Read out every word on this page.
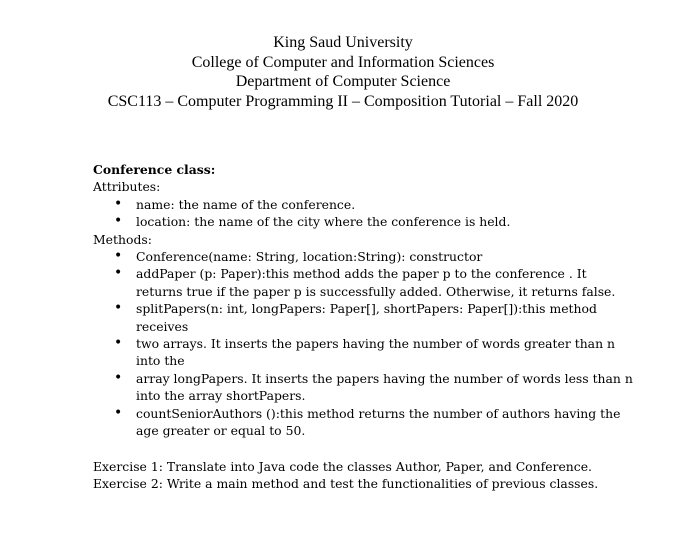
King Saud University
College of Computer and Information Sciences
Department of Computer Science
CSC113 – Computer Programming II – Composition Tutorial – Fall 2020
Conference class:
Attributes:
• name: the name of the conference.
• location: the name of the city where the conference is held.
Methods:
• Conference(name: String, location:String): constructor
• addPaper (p: Paper):this method adds the paper p to the conference . It returns true if the paper p is successfully added. Otherwise, it returns false.
• splitPapers(n: int, longPapers: Paper[], shortPapers: Paper[]):this method receives
• two arrays. It inserts the papers having the number of words greater than n into the
• array longPapers. It inserts the papers having the number of words less than n into the array shortPapers.
• countSeniorAuthors ():this method returns the number of authors having the age greater or equal to 50.
Exercise 1: Translate into Java code the classes Author, Paper, and Conference.
Exercise 2: Write a main method and test the functionalities of previous classes.
